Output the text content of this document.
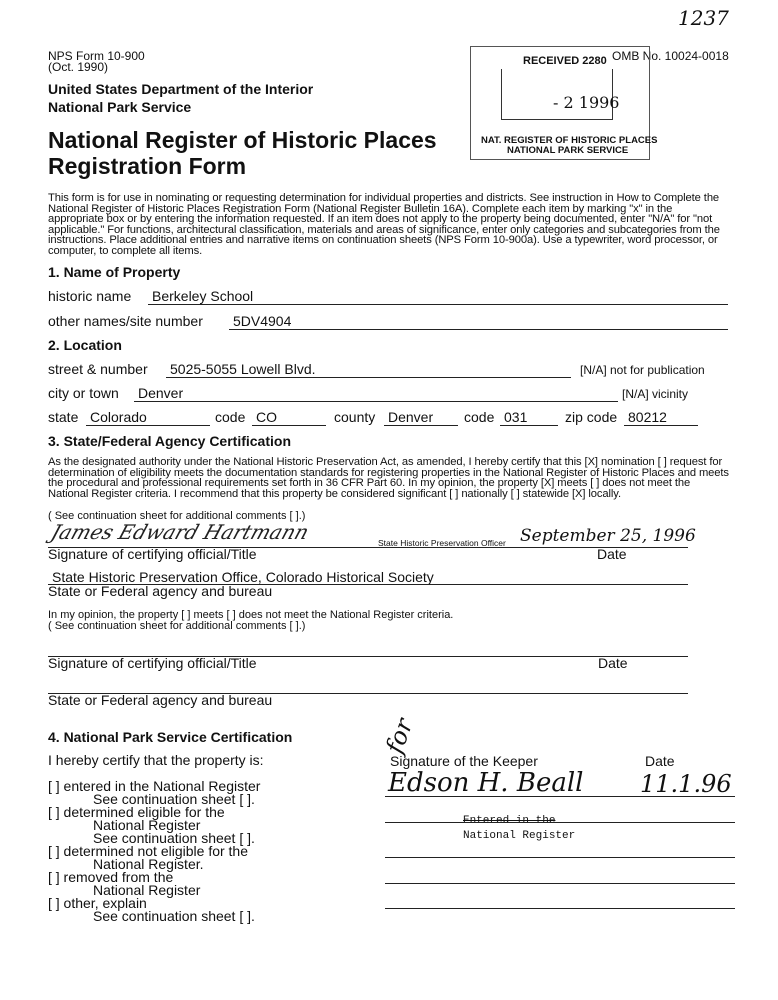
1237
NPS Form 10-900
(Oct. 1990)
OMB No. 10024-0018
United States Department of the Interior
National Park Service
National Register of Historic Places
Registration Form
RECEIVED 2280
- 2 1996
NAT. REGISTER OF HISTORIC PLACES
NATIONAL PARK SERVICE
This form is for use in nominating or requesting determination for individual properties and districts. See instruction in How to Complete the National Register of Historic Places Registration Form (National Register Bulletin 16A). Complete each item by marking "x" in the appropriate box or by entering the information requested. If an item does not apply to the property being documented, enter "N/A" for "not applicable." For functions, architectural classification, materials and areas of significance, enter only categories and subcategories from the instructions. Place additional entries and narrative items on continuation sheets (NPS Form 10-900a). Use a typewriter, word processor, or computer, to complete all items.
1. Name of Property
historic name Berkeley School
other names/site number 5DV4904
2. Location
street & number 5025-5055 Lowell Blvd.	[N/A] not for publication
city or town Denver	[N/A] vicinity
state Colorado	code CO	county Denver	code 031	zip code 80212
3. State/Federal Agency Certification
As the designated authority under the National Historic Preservation Act, as amended, I hereby certify that this [X] nomination [ ] request for determination of eligibility meets the documentation standards for registering properties in the National Register of Historic Places and meets the procedural and professional requirements set forth in 36 CFR Part 60. In my opinion, the property [X] meets [ ] does not meet the National Register criteria. I recommend that this property be considered significant [ ] nationally [ ] statewide [X] locally.
( See continuation sheet for additional comments [ ].)
James Edward Hartmann	State Historic Preservation Officer September 25, 1996
Signature of certifying official/Title	Date
State Historic Preservation Office, Colorado Historical Society
State or Federal agency and bureau
In my opinion, the property [ ] meets [ ] does not meet the National Register criteria.
( See continuation sheet for additional comments [ ].)
Signature of certifying official/Title	Date
State or Federal agency and bureau
4. National Park Service Certification
I hereby certify that the property is:
[ ] entered in the National Register
See continuation sheet [ ].
[ ] determined eligible for the
National Register
See continuation sheet [ ].
[ ] determined not eligible for the
National Register.
[ ] removed from the
National Register
[ ] other, explain
See continuation sheet [ ].
for
Signature of the Keeper	Date
Edson H. Beall 11.1.96
Entered in the
National Register
